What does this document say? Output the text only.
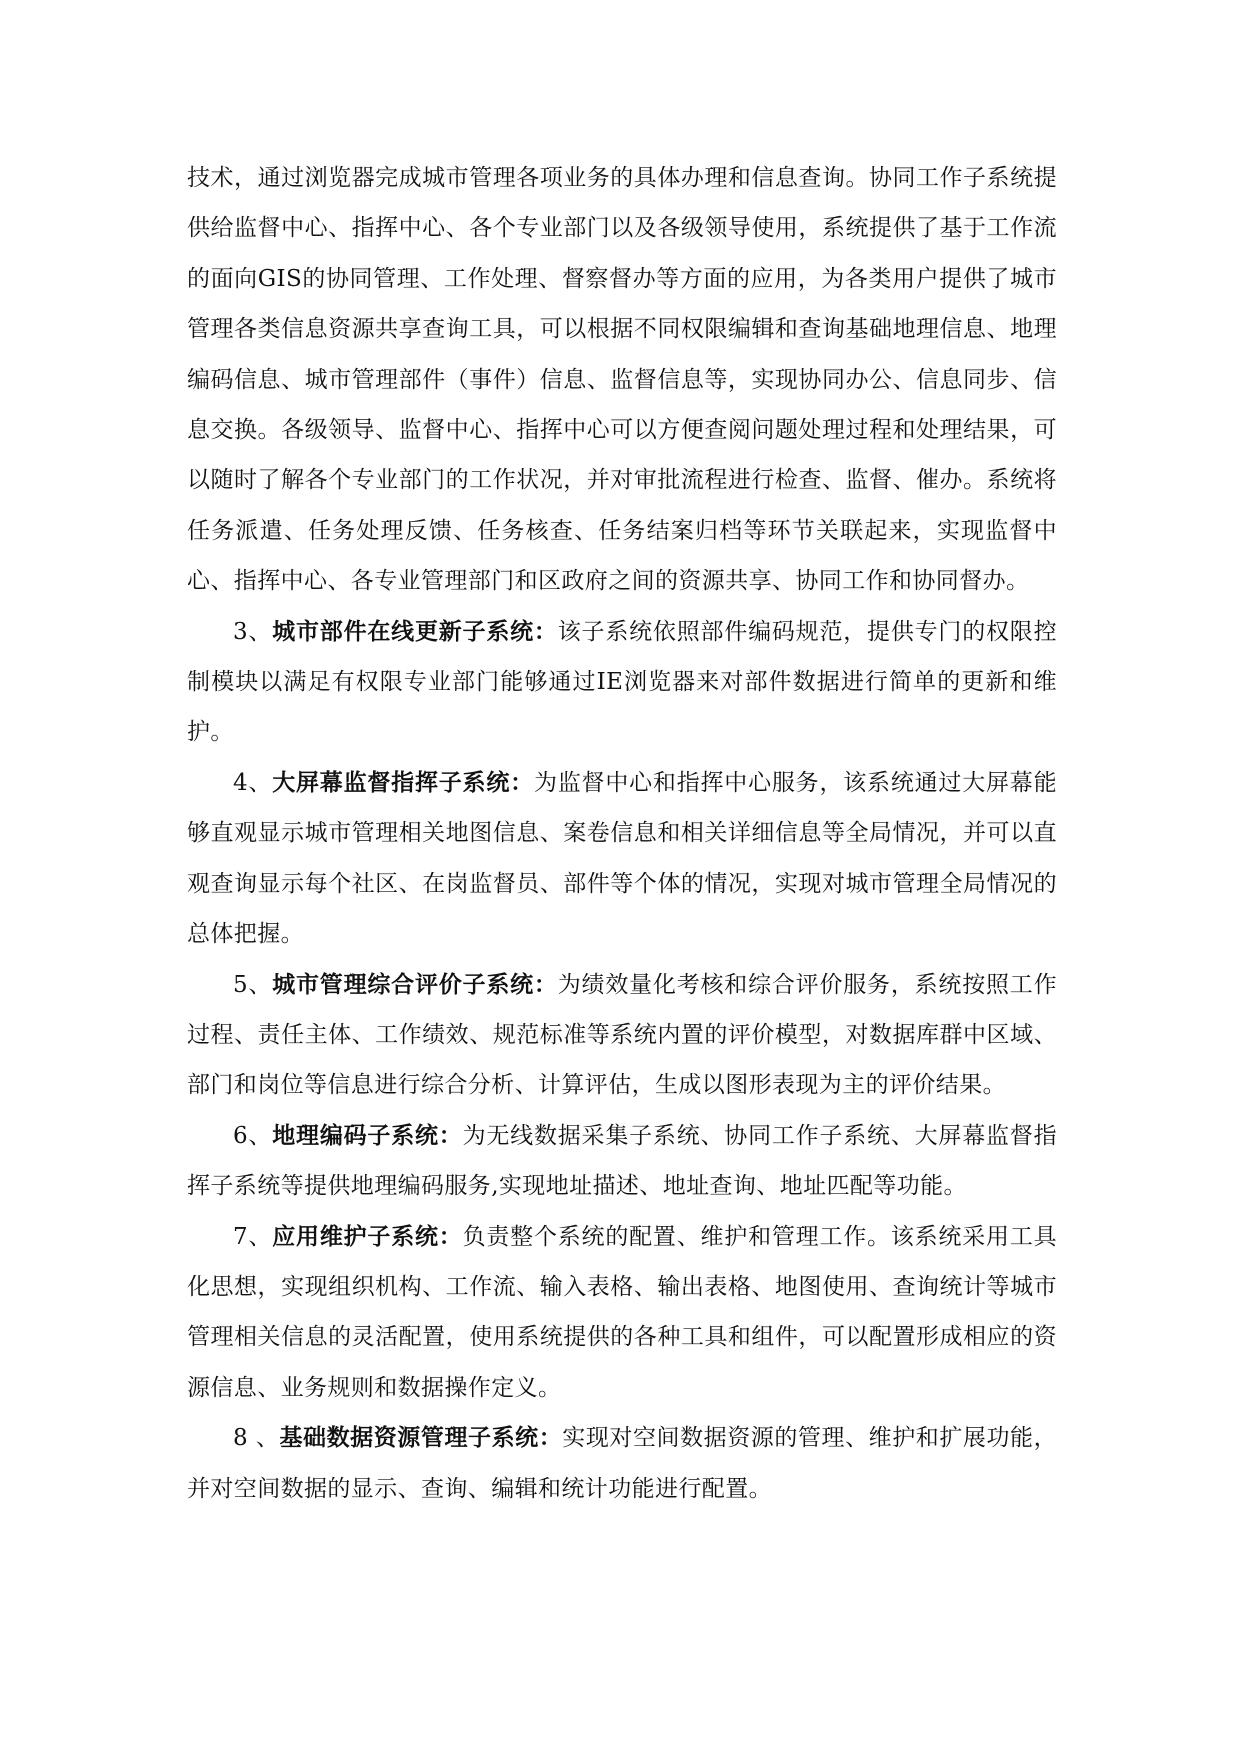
技术，通过浏览器完成城市管理各项业务的具体办理和信息查询。协同工作子系统提供给监督中心、指挥中心、各个专业部门以及各级领导使用，系统提供了基于工作流的面向GIS的协同管理、工作处理、督察督办等方面的应用，为各类用户提供了城市管理各类信息资源共享查询工具，可以根据不同权限编辑和查询基础地理信息、地理编码信息、城市管理部件（事件）信息、监督信息等，实现协同办公、信息同步、信息交换。各级领导、监督中心、指挥中心可以方便查阅问题处理过程和处理结果，可以随时了解各个专业部门的工作状况，并对审批流程进行检查、监督、催办。系统将任务派遣、任务处理反馈、任务核查、任务结案归档等环节关联起来，实现监督中心、指挥中心、各专业管理部门和区政府之间的资源共享、协同工作和协同督办。

3、城市部件在线更新子系统：该子系统依照部件编码规范，提供专门的权限控制模块以满足有权限专业部门能够通过IE浏览器来对部件数据进行简单的更新和维护。

4、大屏幕监督指挥子系统：为监督中心和指挥中心服务，该系统通过大屏幕能够直观显示城市管理相关地图信息、案卷信息和相关详细信息等全局情况，并可以直观查询显示每个社区、在岗监督员、部件等个体的情况，实现对城市管理全局情况的总体把握。

5、城市管理综合评价子系统：为绩效量化考核和综合评价服务，系统按照工作过程、责任主体、工作绩效、规范标准等系统内置的评价模型，对数据库群中区域、部门和岗位等信息进行综合分析、计算评估，生成以图形表现为主的评价结果。

6、地理编码子系统：为无线数据采集子系统、协同工作子系统、大屏幕监督指挥子系统等提供地理编码服务,实现地址描述、地址查询、地址匹配等功能。

7、应用维护子系统：负责整个系统的配置、维护和管理工作。该系统采用工具化思想，实现组织机构、工作流、输入表格、输出表格、地图使用、查询统计等城市管理相关信息的灵活配置，使用系统提供的各种工具和组件，可以配置形成相应的资源信息、业务规则和数据操作定义。

8 、基础数据资源管理子系统：实现对空间数据资源的管理、维护和扩展功能，并对空间数据的显示、查询、编辑和统计功能进行配置。
